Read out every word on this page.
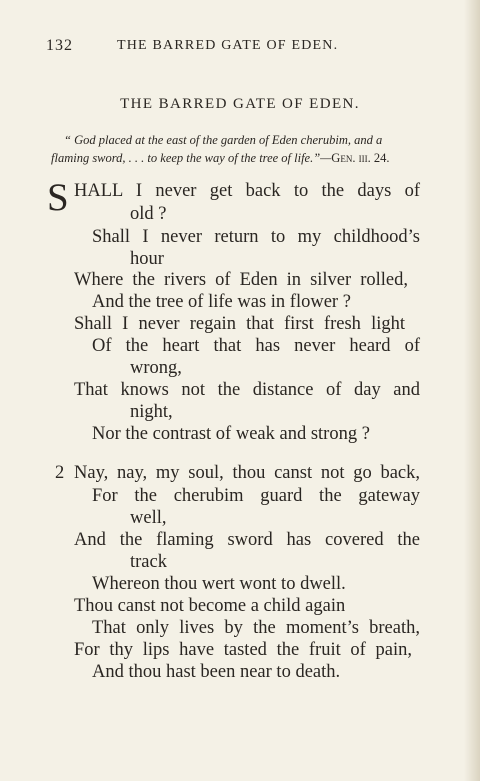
132	THE BARRED GATE OF EDEN.
THE BARRED GATE OF EDEN.
“ God placed at the east of the garden of Eden cherubim, and a
flaming sword, . . . to keep the way of the tree of life.”—Gen. iii. 24.
S HALL I never get back to the days of
old ?
Shall I never return to my childhood’s
hour
Where the rivers of Eden in silver rolled,
And the tree of life was in flower ?
Shall I never regain that first fresh light
Of the heart that has never heard of
wrong,
That knows not the distance of day and
night,
Nor the contrast of weak and strong ?
2 Nay, nay, my soul, thou canst not go back,
For the cherubim guard the gateway
well,
And the flaming sword has covered the
track
Whereon thou wert wont to dwell.
Thou canst not become a child again
That only lives by the moment’s breath,
For thy lips have tasted the fruit of pain,
And thou hast been near to death.
